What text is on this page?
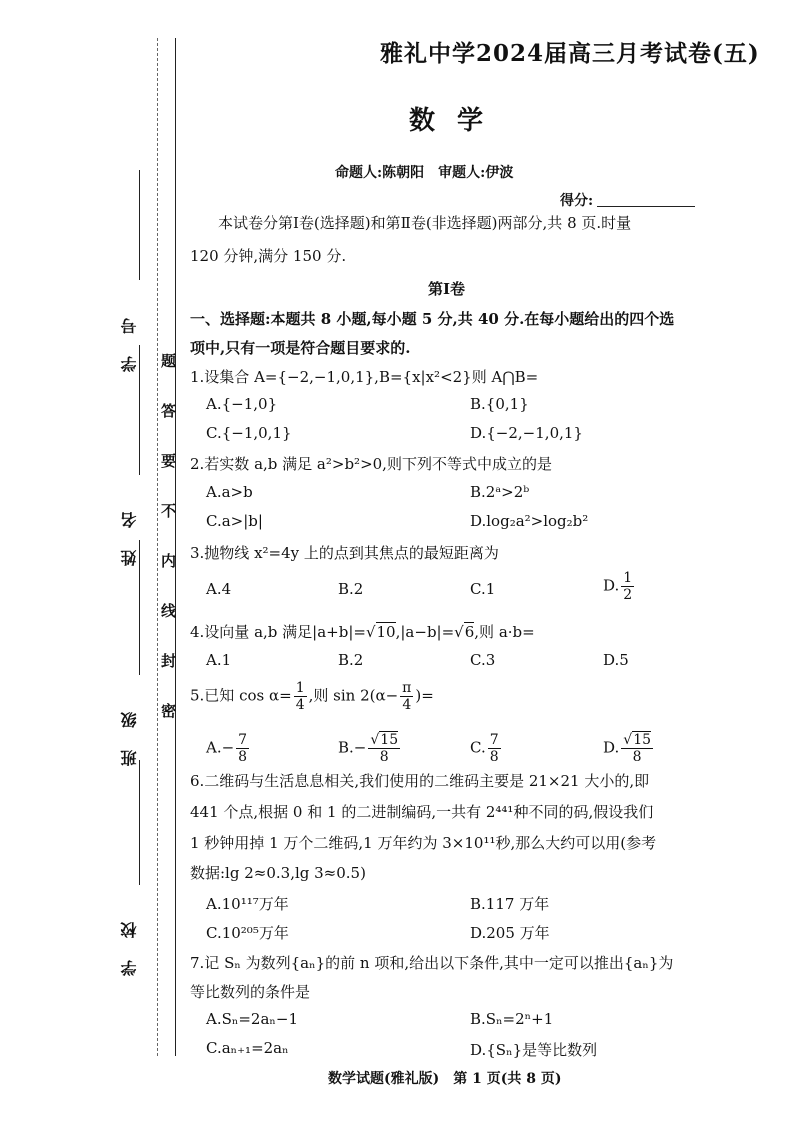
学号
姓名
班级
学校
题
答
要
不
内
线
封
密
雅礼中学2024届高三月考试卷(五)
数学
命题人:陈朝阳　审题人:伊波
得分:
本试卷分第Ⅰ卷(选择题)和第Ⅱ卷(非选择题)两部分,共 8 页.时量
120 分钟,满分 150 分.
第Ⅰ卷
一、选择题:本题共 8 小题,每小题 5 分,共 40 分.在每小题给出的四个选
项中,只有一项是符合题目要求的.
1.设集合 A={−2,−1,0,1},B={x|x²<2}则 A⋂B=
A.{−1,0}	B.{0,1}
C.{−1,0,1}	D.{−2,−1,0,1}
2.若实数 a,b 满足 a²>b²>0,则下列不等式中成立的是
A.a>b	B.2ᵃ>2ᵇ
C.a>|b|	D.log₂a²>log₂b²
3.抛物线 x²=4y 上的点到其焦点的最短距离为
A.4	B.2	C.1	D. $\frac{1}{2}$
4.设向量 a,b 满足|a+b|=√10,|a−b|=√6,则 a·b=
A.1	B.2	C.3	D.5
5.已知 $\cos \alpha= \frac{1}{4}$ ,则 $\sin 2(\alpha- \frac{\pi}{4}$ )=
$A.- \frac{7}{8}$	$B.- \frac{√15}{8}$	C. $\frac{7}{8}$	D. $\frac{√15}{8}$
6.二维码与生活息息相关,我们使用的二维码主要是 21×21 大小的,即
441 个点,根据 0 和 1 的二进制编码,一共有 2⁴⁴¹种不同的码,假设我们
1 秒钟用掉 1 万个二维码,1 万年约为 3×10¹¹秒,那么大约可以用(参考
数据:lg 2≈0.3,lg 3≈0.5)
A.10¹¹⁷万年	B.117 万年
C.10²⁰⁵万年	D.205 万年
7.记 Sₙ 为数列{aₙ}的前 n 项和,给出以下条件,其中一定可以推出{aₙ}为
等比数列的条件是
A.Sₙ=2aₙ−1	B.Sₙ=2ⁿ+1
C.aₙ₊₁=2aₙ	D.{Sₙ}是等比数列
数学试题(雅礼版)　第 1 页(共 8 页)
